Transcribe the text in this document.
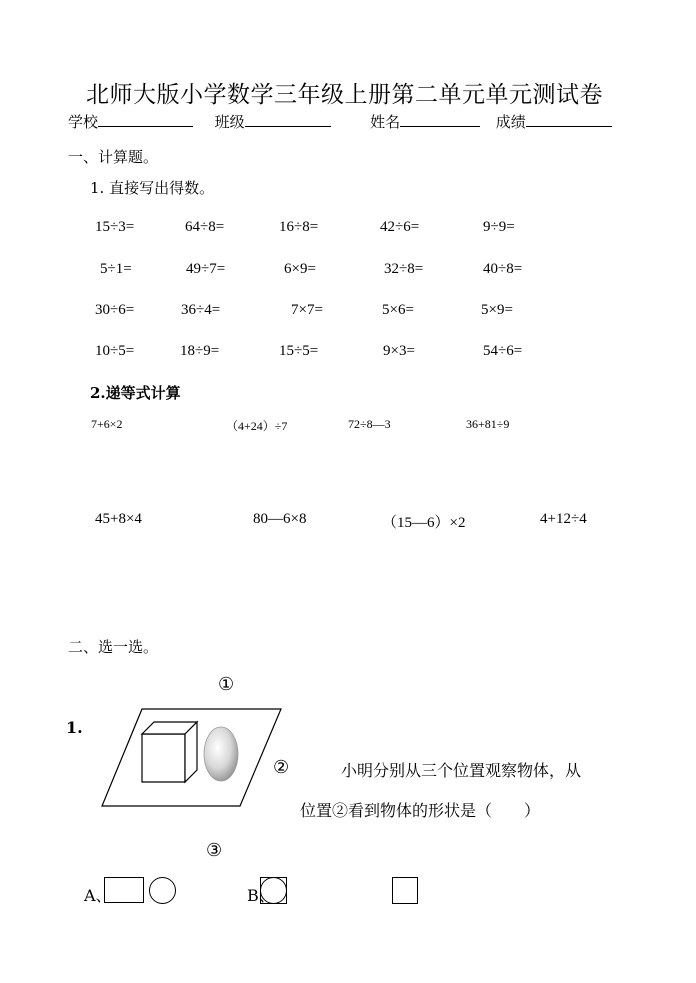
北师大版小学数学三年级上册第二单元单元测试卷
学校	班级	姓名	成绩
一、计算题。
1. 直接写出得数。
15÷3=	64÷8=	16÷8=	42÷6=	9÷9=
5÷1=	49÷7=	6×9=	32÷8=	40÷8=
30÷6=	36÷4=	7×7=	5×6=	5×9=
10÷5=	18÷9=	15÷5=	9×3=	54÷6=
2.递等式计算
7+6×2	（4+24）÷7	72÷8—3	36+81÷9
45+8×4	80—6×8	（15—6）×2	4+12÷4
二、选一选。
①
1.
②	小明分别从三个位置观察物体，从
位置②看到物体的形状是（　　）
③
A、	B、
